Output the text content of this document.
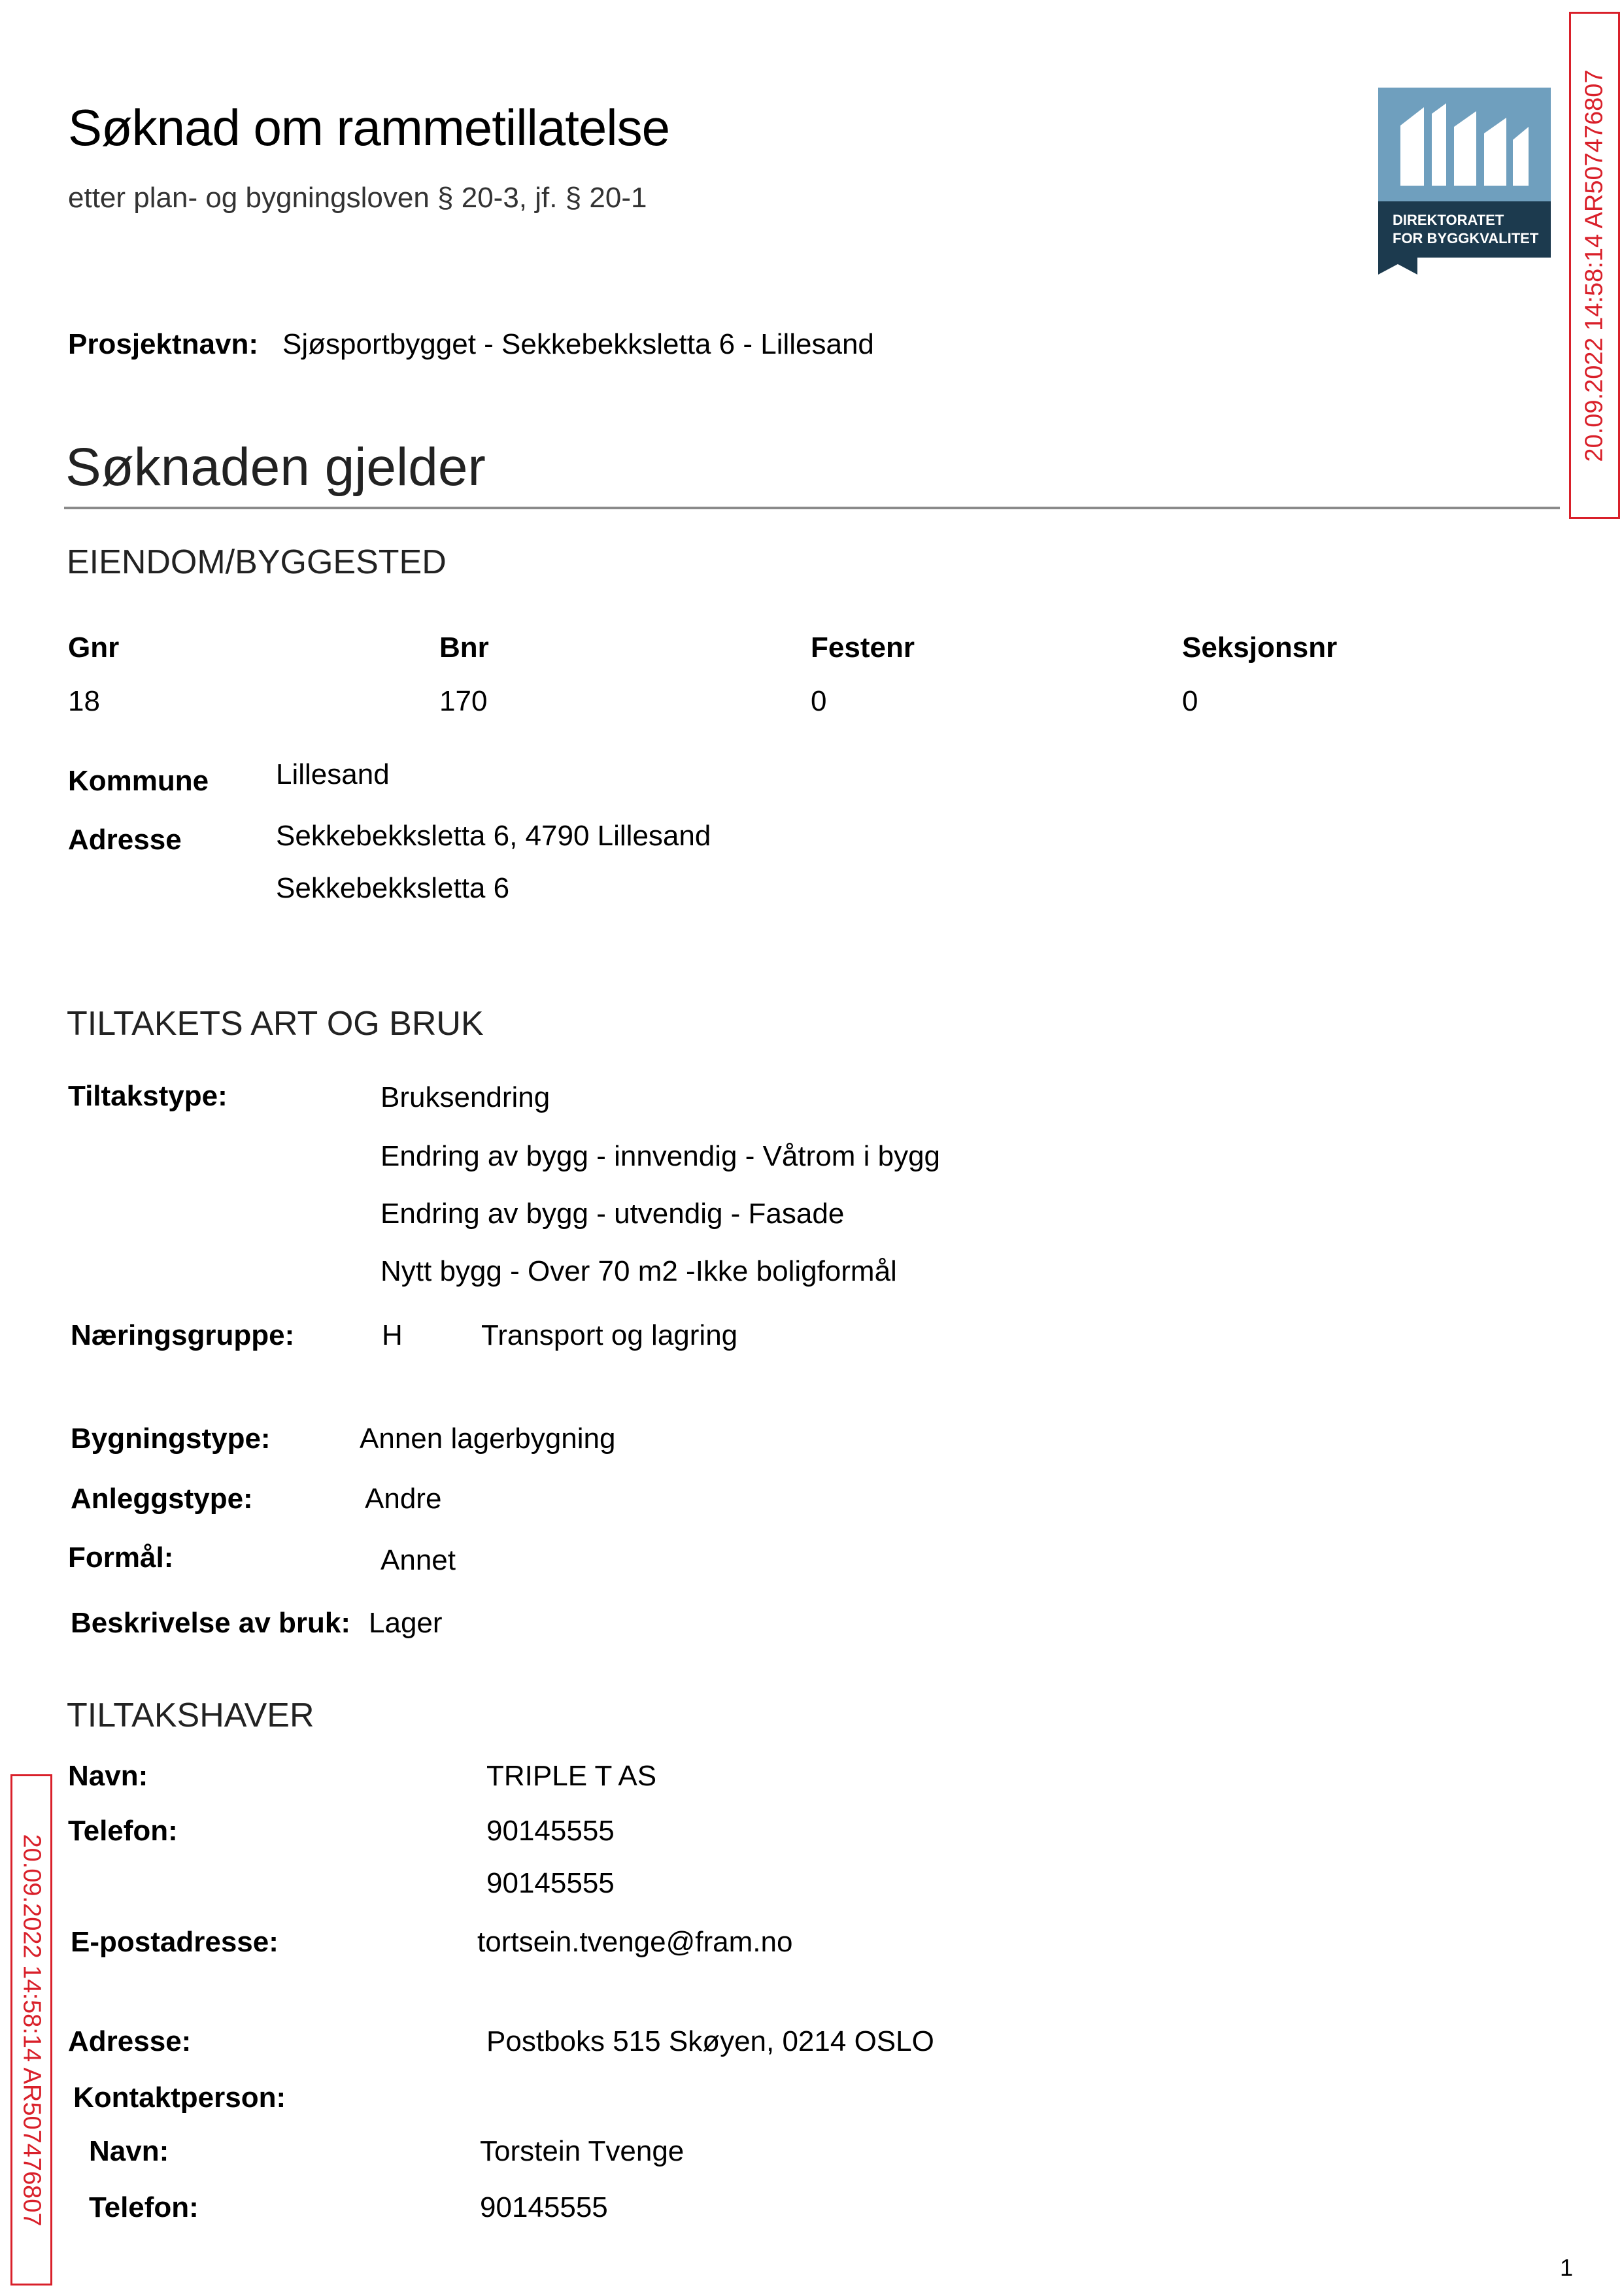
Søknad om rammetillatelse
etter plan- og bygningsloven § 20-3, jf. § 20-1
DIREKTORATET
FOR BYGGKVALITET
Prosjektnavn: Sjøsportbygget - Sekkebekksletta 6 - Lillesand
Søknaden gjelder
EIENDOM/BYGGESTED
Gnr	Bnr	Festenr	Seksjonsnr
18	170	0	0
Kommune Lillesand
Adresse	Sekkebekksletta 6, 4790 Lillesand
Sekkebekksletta 6
TILTAKETS ART OG BRUK
Tiltakstype:	Bruksendring
Endring av bygg - innvendig - Våtrom i bygg
Endring av bygg - utvendig - Fasade
Nytt bygg - Over 70 m2 -Ikke boligformål
Næringsgruppe:	H	Transport og lagring
Bygningstype:	Annen lagerbygning
Anleggstype:	Andre
Formål:	Annet
Beskrivelse av bruk: Lager
TILTAKSHAVER
Navn:	TRIPLE T AS
Telefon:	90145555
90145555
E-postadresse:	tortsein.tvenge@fram.no
Adresse:	Postboks 515 Skøyen, 0214 OSLO
Kontaktperson:
Navn:	Torstein Tvenge
Telefon:	90145555
20.09.2022 14:58:14 AR507476807
20.09.2022 14:58:14 AR507476807
1
